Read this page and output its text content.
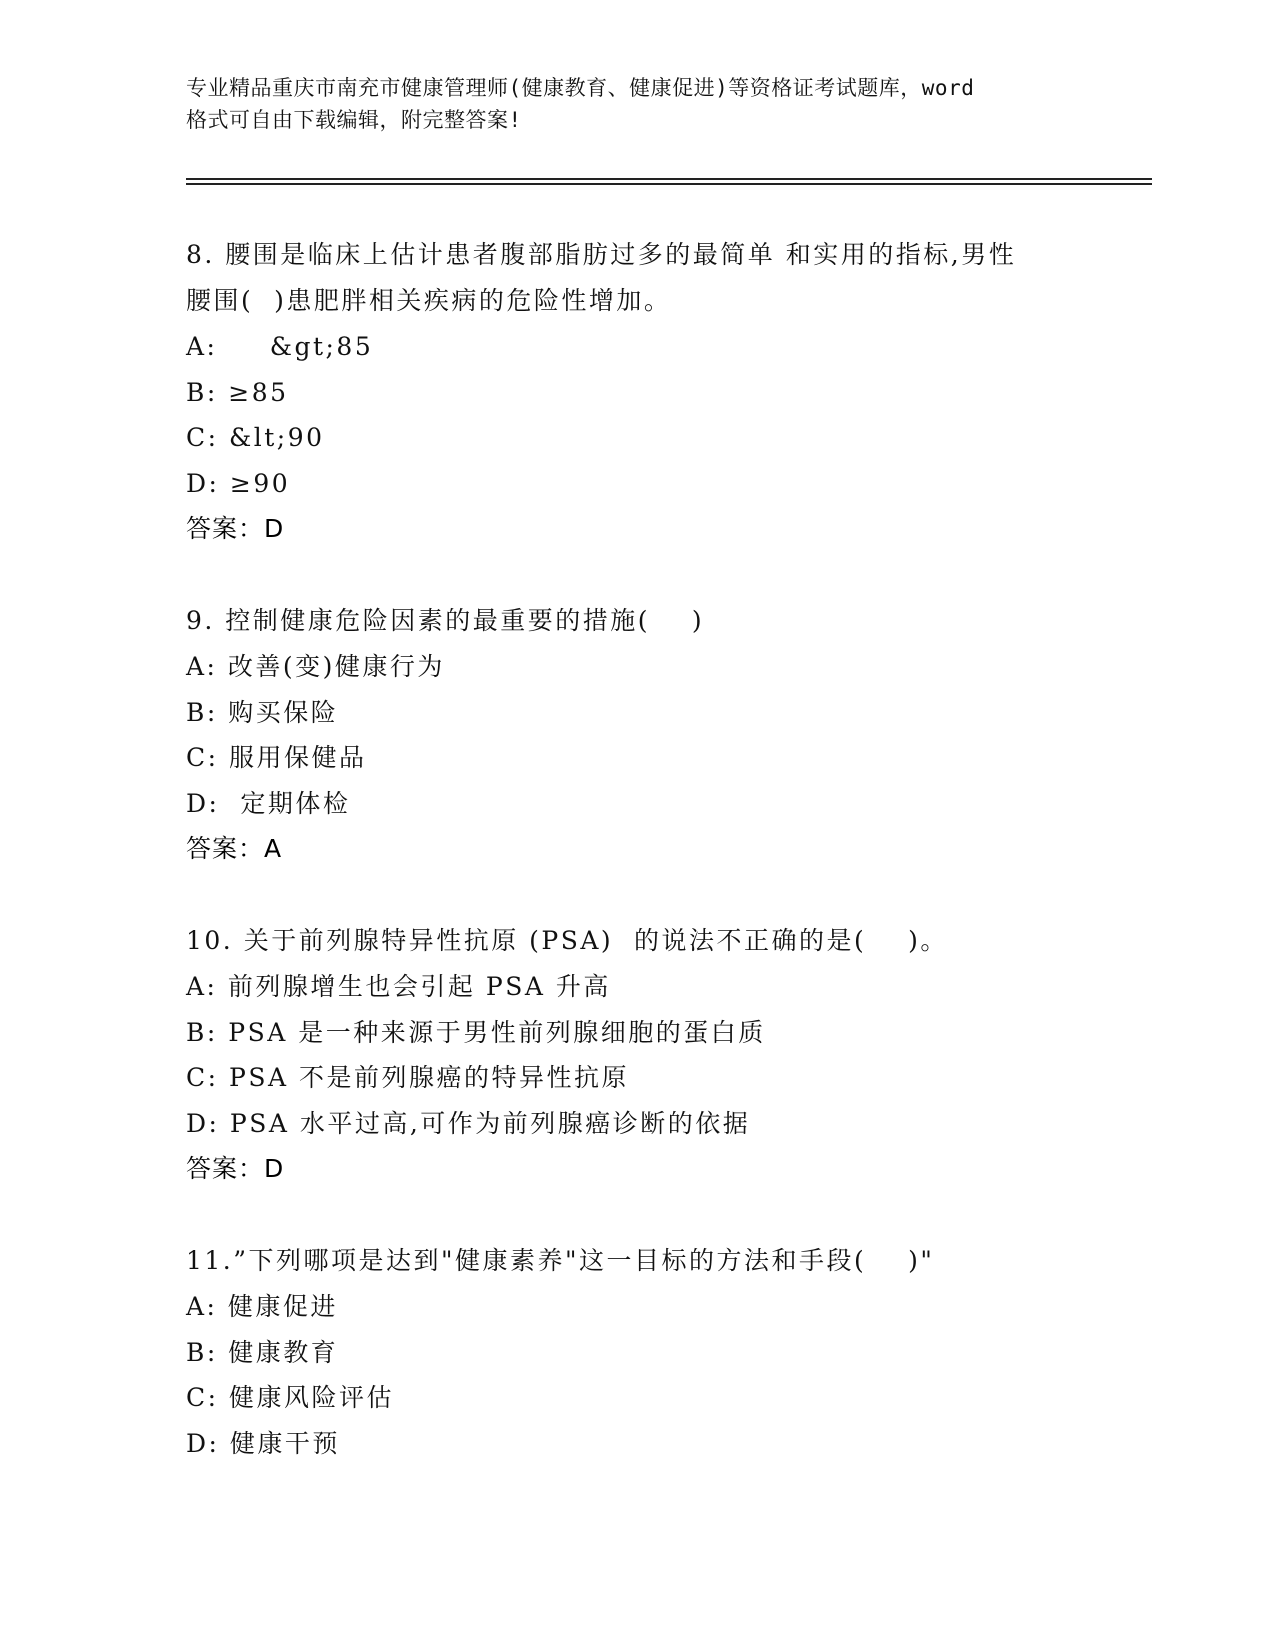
专业精品重庆市南充市健康管理师(健康教育、健康促进)等资格证考试题库，word
格式可自由下载编辑，附完整答案!
8. 腰围是临床上估计患者腹部脂肪过多的最简单 和实用的指标,男性
腰围(  )患肥胖相关疾病的危险性增加。
A:     &gt;85
B: ≥85
C: &lt;90
D: ≥90
答案：D
9. 控制健康危险因素的最重要的措施(    )
A: 改善(变)健康行为
B: 购买保险
C: 服用保健品
D:  定期体检
答案：A
10. 关于前列腺特异性抗原 (PSA)  的说法不正确的是(    )。
A: 前列腺增生也会引起 PSA 升高
B: PSA 是一种来源于男性前列腺细胞的蛋白质
C: PSA 不是前列腺癌的特异性抗原
D: PSA 水平过高,可作为前列腺癌诊断的依据
答案：D
11.”下列哪项是达到"健康素养"这一目标的方法和手段(    )"
A: 健康促进
B: 健康教育
C: 健康风险评估
D: 健康干预
